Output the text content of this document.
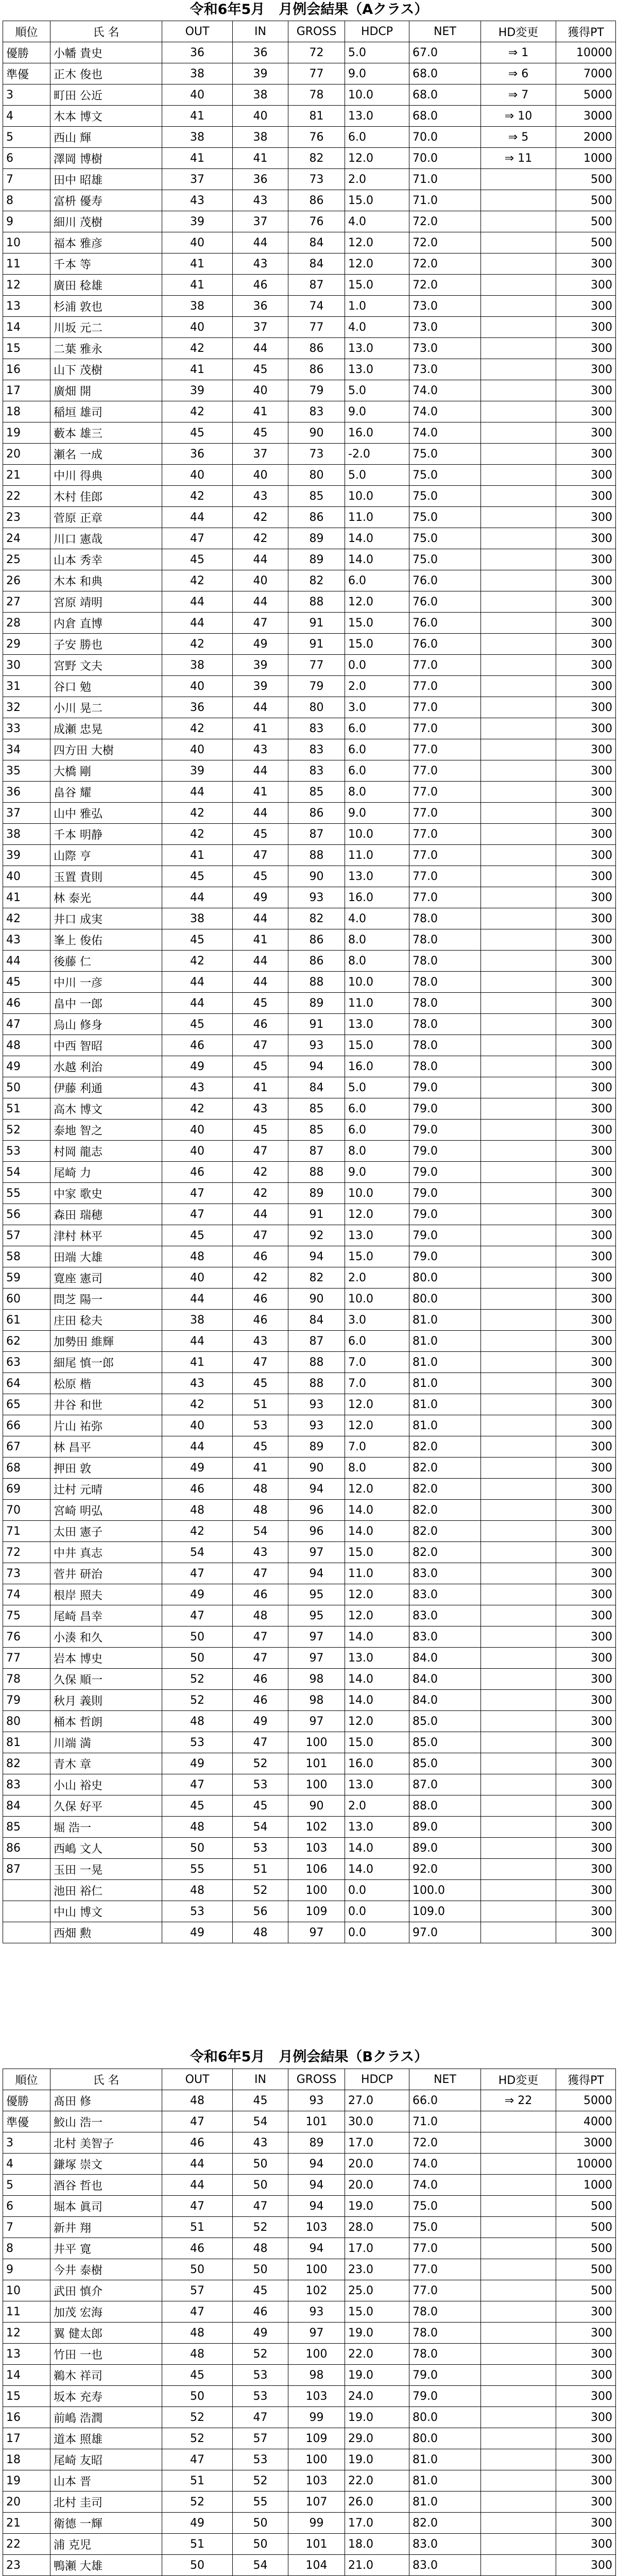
令和6年5月　月例会結果（Aクラス）
順位	氏 名	OUT	IN	GROSS	HDCP	NET	HD変更	獲得PT
優勝	小幡 貴史	36	36	72	5.0	67.0	⇒ 1	10000
準優	正木 俊也	38	39	77	9.0	68.0	⇒ 6	7000
3	町田 公近	40	38	78	10.0	68.0	⇒ 7	5000
4	木本 博文	41	40	81	13.0	68.0	⇒ 10	3000
5	西山 輝	38	38	76	6.0	70.0	⇒ 5	2000
6	澤岡 博樹	41	41	82	12.0	70.0	⇒ 11	1000
7	田中 昭雄	37	36	73	2.0	71.0		500
8	富枡 優寿	43	43	86	15.0	71.0		500
9	細川 茂樹	39	37	76	4.0	72.0		500
10	福本 雅彦	40	44	84	12.0	72.0		500
11	千本 等	41	43	84	12.0	72.0		300
12	廣田 稔雄	41	46	87	15.0	72.0		300
13	杉浦 敦也	38	36	74	1.0	73.0		300
14	川坂 元二	40	37	77	4.0	73.0		300
15	二葉 雅永	42	44	86	13.0	73.0		300
16	山下 茂樹	41	45	86	13.0	73.0		300
17	廣畑 開	39	40	79	5.0	74.0		300
18	稲垣 雄司	42	41	83	9.0	74.0		300
19	藪本 雄三	45	45	90	16.0	74.0		300
20	瀬名 一成	36	37	73	-2.0	75.0		300
21	中川 得典	40	40	80	5.0	75.0		300
22	木村 佳郎	42	43	85	10.0	75.0		300
23	菅原 正章	44	42	86	11.0	75.0		300
24	川口 憲哉	47	42	89	14.0	75.0		300
25	山本 秀幸	45	44	89	14.0	75.0		300
26	木本 和典	42	40	82	6.0	76.0		300
27	宮原 靖明	44	44	88	12.0	76.0		300
28	内倉 直博	44	47	91	15.0	76.0		300
29	子安 勝也	42	49	91	15.0	76.0		300
30	宮野 文夫	38	39	77	0.0	77.0		300
31	谷口 勉	40	39	79	2.0	77.0		300
32	小川 晃二	36	44	80	3.0	77.0		300
33	成瀬 忠晃	42	41	83	6.0	77.0		300
34	四方田 大樹	40	43	83	6.0	77.0		300
35	大橋 剛	39	44	83	6.0	77.0		300
36	畠谷 耀	44	41	85	8.0	77.0		300
37	山中 雅弘	42	44	86	9.0	77.0		300
38	千本 明静	42	45	87	10.0	77.0		300
39	山際 亨	41	47	88	11.0	77.0		300
40	玉置 貴則	45	45	90	13.0	77.0		300
41	林 泰光	44	49	93	16.0	77.0		300
42	井口 成実	38	44	82	4.0	78.0		300
43	峯上 俊佑	45	41	86	8.0	78.0		300
44	後藤 仁	42	44	86	8.0	78.0		300
45	中川 一彦	44	44	88	10.0	78.0		300
46	畠中 一郎	44	45	89	11.0	78.0		300
47	烏山 修身	45	46	91	13.0	78.0		300
48	中西 智昭	46	47	93	15.0	78.0		300
49	水越 利治	49	45	94	16.0	78.0		300
50	伊藤 利通	43	41	84	5.0	79.0		300
51	高木 博文	42	43	85	6.0	79.0		300
52	泰地 智之	40	45	85	6.0	79.0		300
53	村岡 龍志	40	47	87	8.0	79.0		300
54	尾崎 力	46	42	88	9.0	79.0		300
55	中家 歌史	47	42	89	10.0	79.0		300
56	森田 瑞穂	47	44	91	12.0	79.0		300
57	津村 林平	45	47	92	13.0	79.0		300
58	田端 大雄	48	46	94	15.0	79.0		300
59	寛座 憲司	40	42	82	2.0	80.0		300
60	問芝 陽一	44	46	90	10.0	80.0		300
61	庄田 稔夫	38	46	84	3.0	81.0		300
62	加勢田 維輝	44	43	87	6.0	81.0		300
63	細尾 慎一郎	41	47	88	7.0	81.0		300
64	松原 楷	43	45	88	7.0	81.0		300
65	井谷 和世	42	51	93	12.0	81.0		300
66	片山 祐弥	40	53	93	12.0	81.0		300
67	林 昌平	44	45	89	7.0	82.0		300
68	押田 敦	49	41	90	8.0	82.0		300
69	辻村 元晴	46	48	94	12.0	82.0		300
70	宮崎 明弘	48	48	96	14.0	82.0		300
71	太田 憲子	42	54	96	14.0	82.0		300
72	中井 真志	54	43	97	15.0	82.0		300
73	菅井 研治	47	47	94	11.0	83.0		300
74	根岸 照夫	49	46	95	12.0	83.0		300
75	尾崎 昌幸	47	48	95	12.0	83.0		300
76	小湊 和久	50	47	97	14.0	83.0		300
77	岩本 博史	50	47	97	13.0	84.0		300
78	久保 順一	52	46	98	14.0	84.0		300
79	秋月 義則	52	46	98	14.0	84.0		300
80	桶本 哲朗	48	49	97	12.0	85.0		300
81	川端 満	53	47	100	15.0	85.0		300
82	青木 章	49	52	101	16.0	85.0		300
83	小山 裕史	47	53	100	13.0	87.0		300
84	久保 好平	45	45	90	2.0	88.0		300
85	堀 浩一	48	54	102	13.0	89.0		300
86	西嶋 文人	50	53	103	14.0	89.0		300
87	玉田 一晃	55	51	106	14.0	92.0		300
	池田 裕仁	48	52	100	0.0	100.0		300
	中山 博文	53	56	109	0.0	109.0		300
	西畑 勲	49	48	97	0.0	97.0		300
令和6年5月　月例会結果（Bクラス）
順位	氏 名	OUT	IN	GROSS	HDCP	NET	HD変更	獲得PT
優勝	髙田 修	48	45	93	27.0	66.0	⇒ 22	5000
準優	鮫山 浩一	47	54	101	30.0	71.0		4000
3	北村 美智子	46	43	89	17.0	72.0		3000
4	鎌塚 崇文	44	50	94	20.0	74.0		10000
5	酒谷 哲也	44	50	94	20.0	74.0		1000
6	堀本 眞司	47	47	94	19.0	75.0		500
7	新井 翔	51	52	103	28.0	75.0		500
8	井平 寛	46	48	94	17.0	77.0		500
9	今井 泰樹	50	50	100	23.0	77.0		500
10	武田 慎介	57	45	102	25.0	77.0		500
11	加茂 宏海	47	46	93	15.0	78.0		300
12	翼 健太郎	48	49	97	19.0	78.0		300
13	竹田 一也	48	52	100	22.0	78.0		300
14	鵜木 祥司	45	53	98	19.0	79.0		300
15	坂本 充寿	50	53	103	24.0	79.0		300
16	前嶋 浩潤	52	47	99	19.0	80.0		300
17	道本 照雄	52	57	109	29.0	80.0		300
18	尾崎 友昭	47	53	100	19.0	81.0		300
19	山本 晋	51	52	103	22.0	81.0		300
20	北村 圭司	52	55	107	26.0	81.0		300
21	衛德 一輝	49	50	99	17.0	82.0		300
22	浦 克児	51	50	101	18.0	83.0		300
23	鴨瀬 大雄	50	54	104	21.0	83.0		300
